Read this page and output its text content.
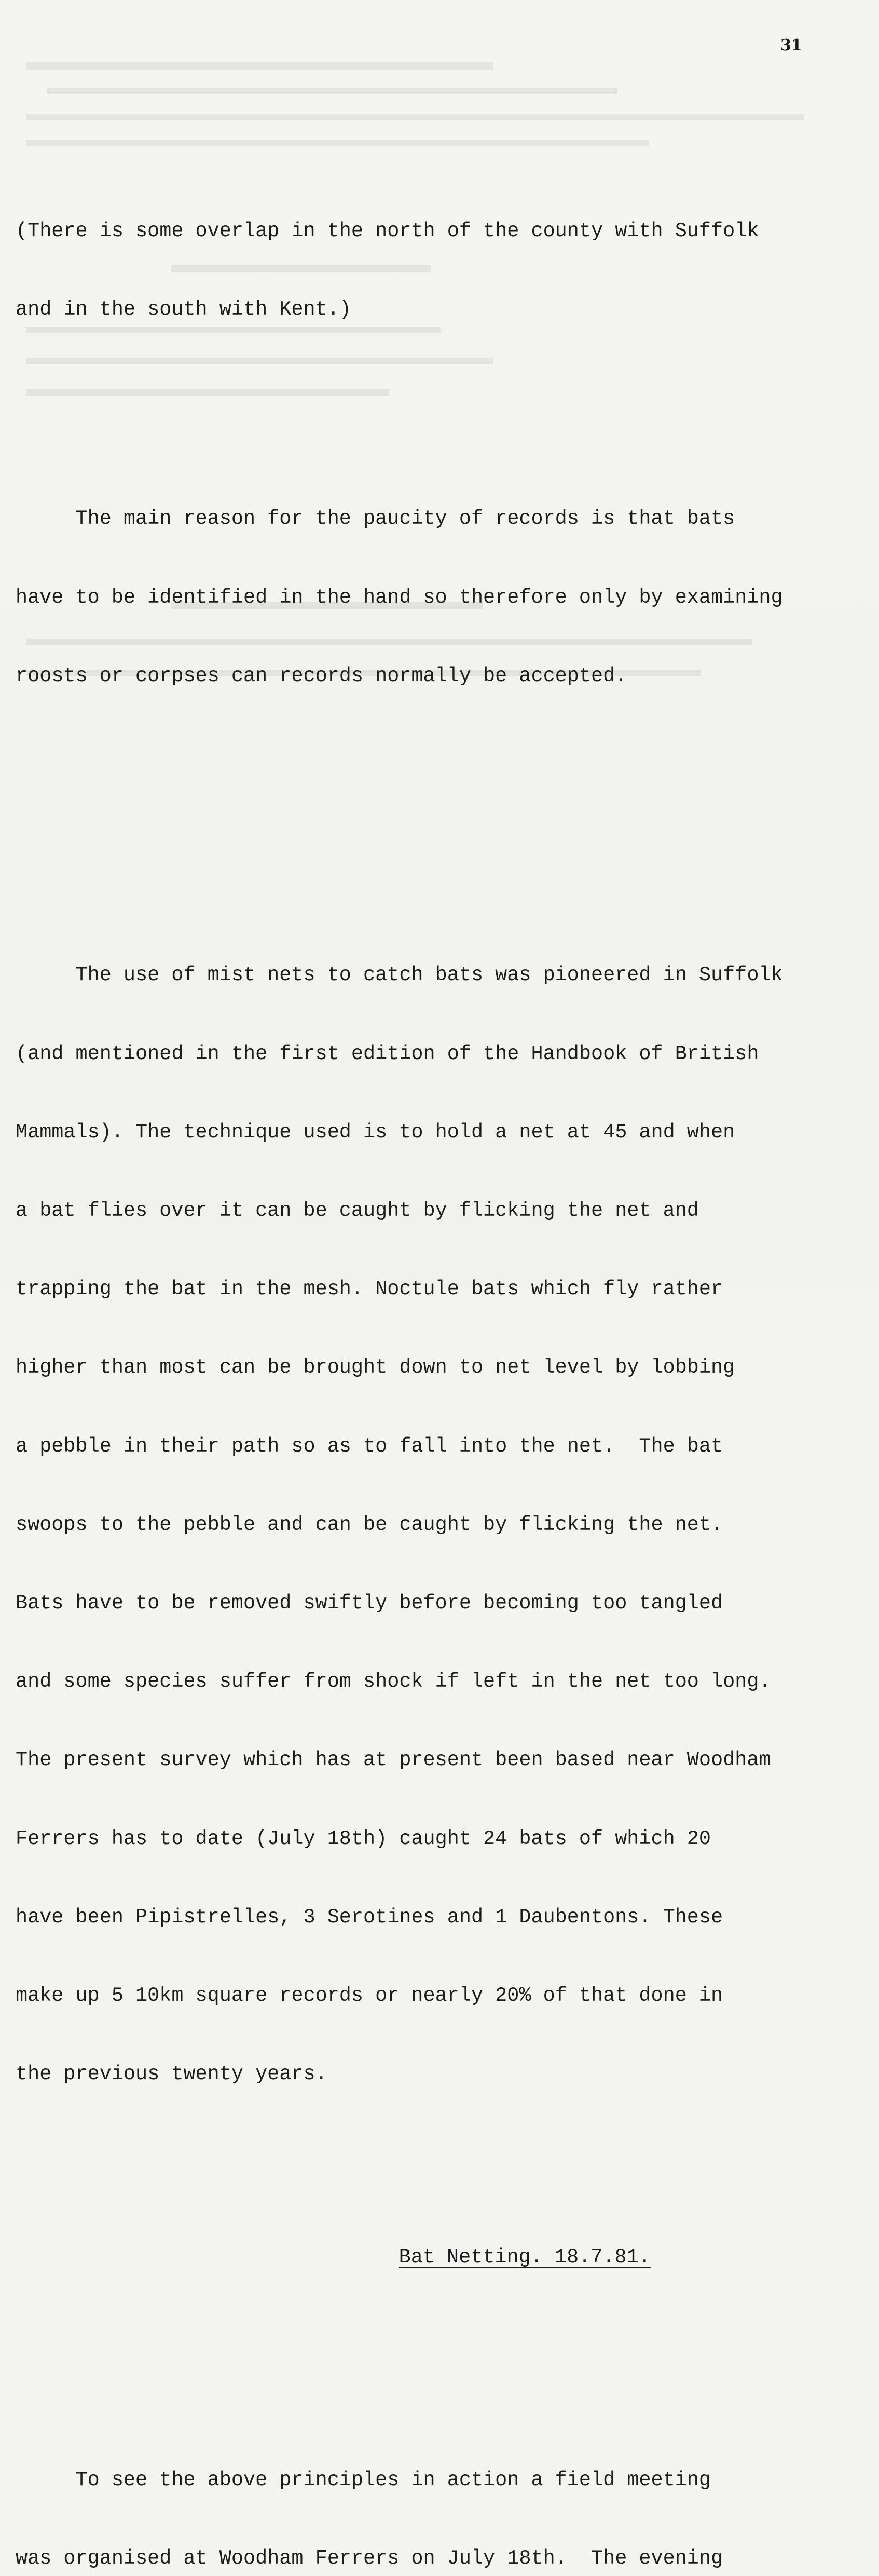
31

(There is some overlap in the north of the county with Suffolk

and in the south with Kent.)

The main reason for the paucity of records is that bats

have to be identified in the hand so therefore only by examining

roosts or corpses can records normally be accepted.

The use of mist nets to catch bats was pioneered in Suffolk

(and mentioned in the first edition of the Handbook of British

Mammals). The technique used is to hold a net at 45 and when

a bat flies over it can be caught by flicking the net and

trapping the bat in the mesh. Noctule bats which fly rather

higher than most can be brought down to net level by lobbing

a pebble in their path so as to fall into the net.  The bat

swoops to the pebble and can be caught by flicking the net.

Bats have to be removed swiftly before becoming too tangled

and some species suffer from shock if left in the net too long.

The present survey which has at present been based near Woodham

Ferrers has to date (July 18th) caught 24 bats of which 20

have been Pipistrelles, 3 Serotines and 1 Daubentons. These

make up 5 10km square records or nearly 20% of that done in

the previous twenty years.

Bat Netting. 18.7.81.

To see the above principles in action a field meeting

was organised at Woodham Ferrers on July 18th.  The evening
